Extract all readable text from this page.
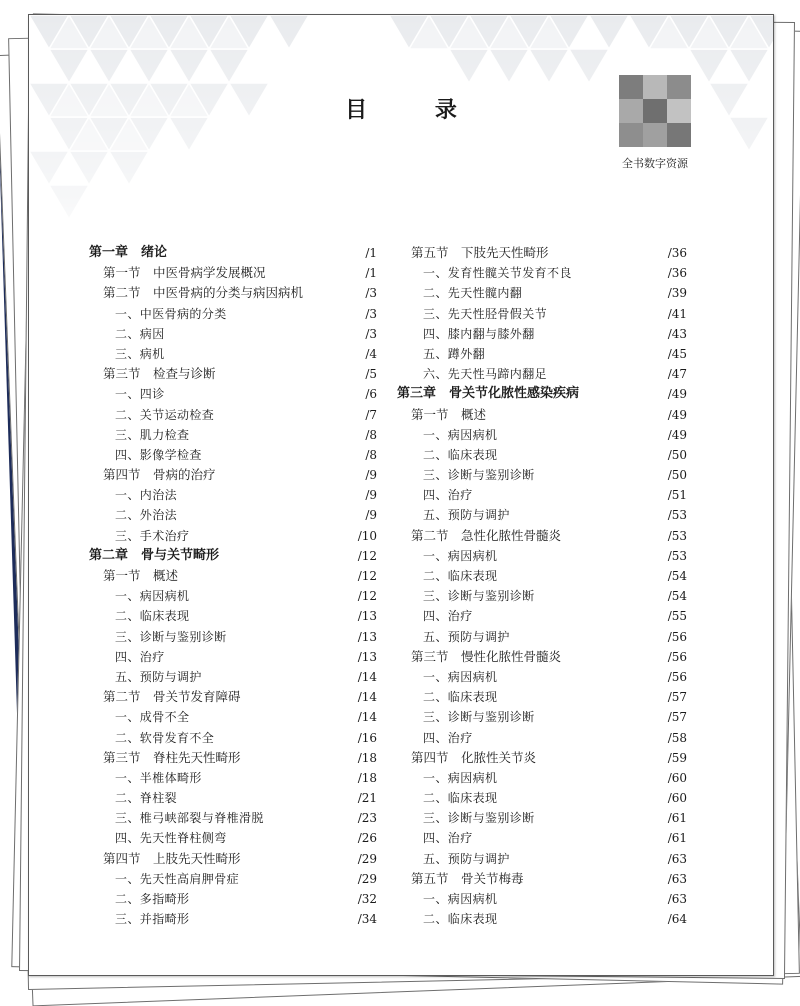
目 录
全书数字资源
第一章　绪论	/1
第一节　中医骨病学发展概况	/1
第二节　中医骨病的分类与病因病机	/3
一、中医骨病的分类	/3
二、病因	/3
三、病机	/4
第三节　检查与诊断	/5
一、四诊	/6
二、关节运动检查	/7
三、肌力检查	/8
四、影像学检查	/8
第四节　骨病的治疗	/9
一、内治法	/9
二、外治法	/9
三、手术治疗	/10
第二章　骨与关节畸形	/12
第一节　概述	/12
一、病因病机	/12
二、临床表现	/13
三、诊断与鉴别诊断	/13
四、治疗	/13
五、预防与调护	/14
第二节　骨关节发育障碍	/14
一、成骨不全	/14
二、软骨发育不全	/16
第三节　脊柱先天性畸形	/18
一、半椎体畸形	/18
二、脊柱裂	/21
三、椎弓峡部裂与脊椎滑脱	/23
四、先天性脊柱侧弯	/26
第四节　上肢先天性畸形	/29
一、先天性高肩胛骨症	/29
二、多指畸形	/32
三、并指畸形	/34
第五节　下肢先天性畸形	/36
一、发育性髋关节发育不良	/36
二、先天性髋内翻	/39
三、先天性胫骨假关节	/41
四、膝内翻与膝外翻	/43
五、蹲外翻	/45
六、先天性马蹄内翻足	/47
第三章　骨关节化脓性感染疾病	/49
第一节　概述	/49
一、病因病机	/49
二、临床表现	/50
三、诊断与鉴别诊断	/50
四、治疗	/51
五、预防与调护	/53
第二节　急性化脓性骨髓炎	/53
一、病因病机	/53
二、临床表现	/54
三、诊断与鉴别诊断	/54
四、治疗	/55
五、预防与调护	/56
第三节　慢性化脓性骨髓炎	/56
一、病因病机	/56
二、临床表现	/57
三、诊断与鉴别诊断	/57
四、治疗	/58
第四节　化脓性关节炎	/59
一、病因病机	/60
二、临床表现	/60
三、诊断与鉴别诊断	/61
四、治疗	/61
五、预防与调护	/63
第五节　骨关节梅毒	/63
一、病因病机	/63
二、临床表现	/64
